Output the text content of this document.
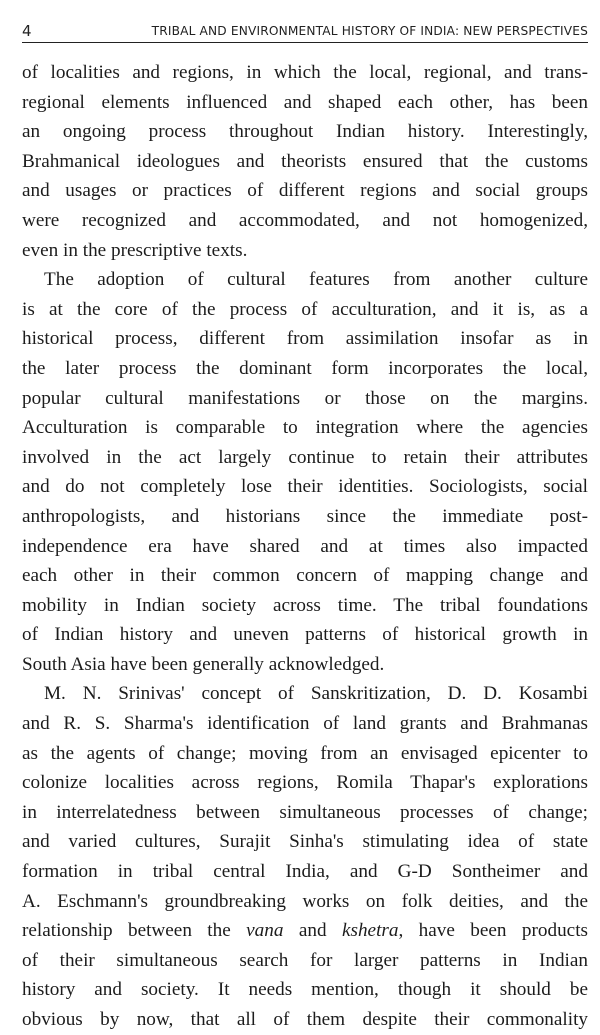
4	TRIBAL AND ENVIRONMENTAL HISTORY OF INDIA: NEW PERSPECTIVES
of localities and regions, in which the local, regional, and trans-
regional elements influenced and shaped each other, has been
an ongoing process throughout Indian history. Interestingly,
Brahmanical ideologues and theorists ensured that the customs
and usages or practices of different regions and social groups
were recognized and accommodated, and not homogenized,
even in the prescriptive texts.
The adoption of cultural features from another culture
is at the core of the process of acculturation, and it is, as a
historical process, different from assimilation insofar as in
the later process the dominant form incorporates the local,
popular cultural manifestations or those on the margins.
Acculturation is comparable to integration where the agencies
involved in the act largely continue to retain their attributes
and do not completely lose their identities. Sociologists, social
anthropologists, and historians since the immediate post-
independence era have shared and at times also impacted
each other in their common concern of mapping change and
mobility in Indian society across time. The tribal foundations
of Indian history and uneven patterns of historical growth in
South Asia have been generally acknowledged.
M. N. Srinivas' concept of Sanskritization, D. D. Kosambi
and R. S. Sharma's identification of land grants and Brahmanas
as the agents of change; moving from an envisaged epicenter to
colonize localities across regions, Romila Thapar's explorations
in interrelatedness between simultaneous processes of change;
and varied cultures, Surajit Sinha's stimulating idea of state
formation in tribal central India, and G-D Sontheimer and
A. Eschmann's groundbreaking works on folk deities, and the
relationship between the vana and kshetra, have been products
of their simultaneous search for larger patterns in Indian
history and society. It needs mention, though it should be
obvious by now, that all of them despite their commonality
